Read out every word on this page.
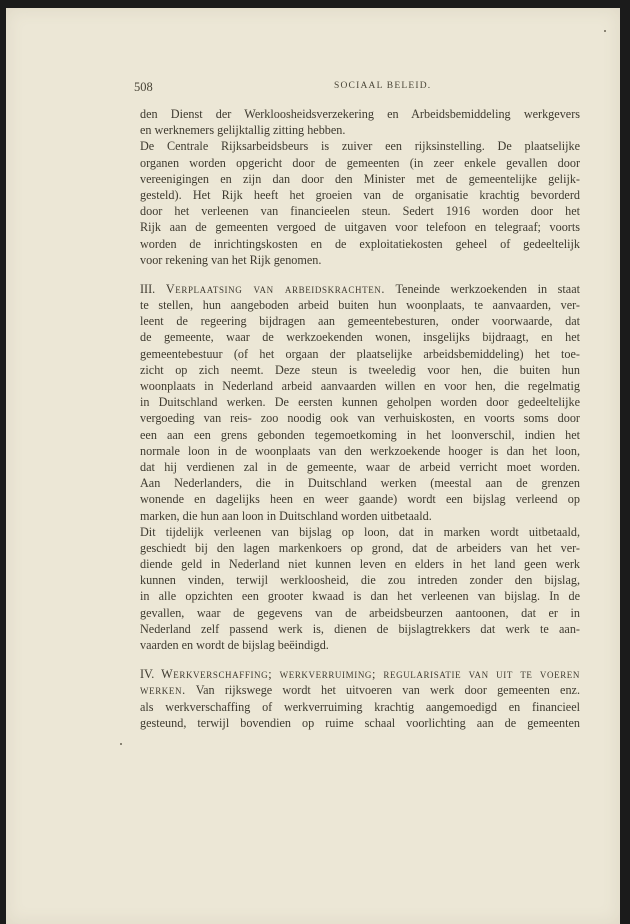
508	SOCIAAL BELEID.
den Dienst der Werkloosheidsverzekering en Arbeidsbemiddeling werkgevers
en werknemers gelijktallig zitting hebben.
De Centrale Rijksarbeidsbeurs is zuiver een rijksinstelling. De plaatselijke
organen worden opgericht door de gemeenten (in zeer enkele gevallen door
vereenigingen en zijn dan door den Minister met de gemeentelijke gelijk-
gesteld). Het Rijk heeft het groeien van de organisatie krachtig bevorderd
door het verleenen van financieelen steun. Sedert 1916 worden door het
Rijk aan de gemeenten vergoed de uitgaven voor telefoon en telegraaf; voorts
worden de inrichtingskosten en de exploitatiekosten geheel of gedeeltelijk
voor rekening van het Rijk genomen.
III. Verplaatsing van arbeidskrachten. Teneinde werkzoekenden in staat
te stellen, hun aangeboden arbeid buiten hun woonplaats, te aanvaarden, ver-
leent de regeering bijdragen aan gemeentebesturen, onder voorwaarde, dat
de gemeente, waar de werkzoekenden wonen, insgelijks bijdraagt, en het
gemeentebestuur (of het orgaan der plaatselijke arbeidsbemiddeling) het toe-
zicht op zich neemt. Deze steun is tweeledig voor hen, die buiten hun
woonplaats in Nederland arbeid aanvaarden willen en voor hen, die regelmatig
in Duitschland werken. De eersten kunnen geholpen worden door gedeeltelijke
vergoeding van reis- zoo noodig ook van verhuiskosten, en voorts soms door
een aan een grens gebonden tegemoetkoming in het loonverschil, indien het
normale loon in de woonplaats van den werkzoekende hooger is dan het loon,
dat hij verdienen zal in de gemeente, waar de arbeid verricht moet worden.
Aan Nederlanders, die in Duitschland werken (meestal aan de grenzen
wonende en dagelijks heen en weer gaande) wordt een bijslag verleend op
marken, die hun aan loon in Duitschland worden uitbetaald.
Dit tijdelijk verleenen van bijslag op loon, dat in marken wordt uitbetaald,
geschiedt bij den lagen markenkoers op grond, dat de arbeiders van het ver-
diende geld in Nederland niet kunnen leven en elders in het land geen werk
kunnen vinden, terwijl werkloosheid, die zou intreden zonder den bijslag,
in alle opzichten een grooter kwaad is dan het verleenen van bijslag. In de
gevallen, waar de gegevens van de arbeidsbeurzen aantoonen, dat er in
Nederland zelf passend werk is, dienen de bijslagtrekkers dat werk te aan-
vaarden en wordt de bijslag beëindigd.
IV. Werkverschaffing; werkverruiming; regularisatie van uit te voeren
werken. Van rijkswege wordt het uitvoeren van werk door gemeenten enz.
als werkverschaffing of werkverruiming krachtig aangemoedigd en financieel
gesteund, terwijl bovendien op ruime schaal voorlichting aan de gemeenten
